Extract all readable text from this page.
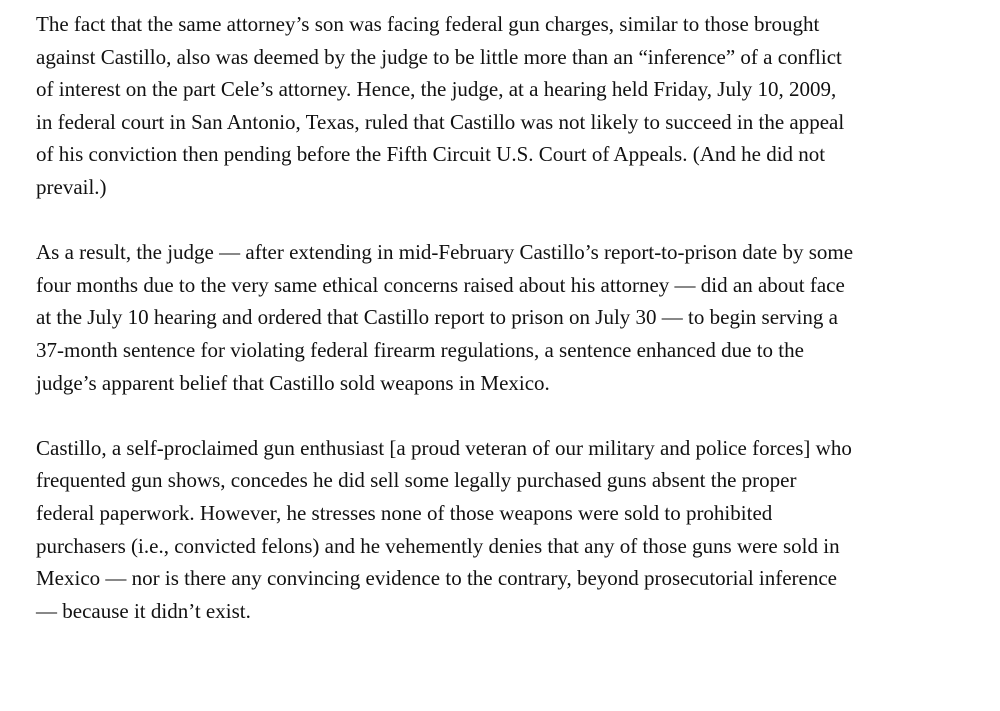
The fact that the same attorney’s son was facing federal gun charges, similar to those brought
against Castillo, also was deemed by the judge to be little more than an “inference” of a conflict
of interest on the part Cele’s attorney. Hence, the judge, at a hearing held Friday, July 10, 2009,
in federal court in San Antonio, Texas, ruled that Castillo was not likely to succeed in the appeal
of his conviction then pending before the Fifth Circuit U.S. Court of Appeals. (And he did not
prevail.)

As a result, the judge — after extending in mid-February Castillo’s report-to-prison date by some
four months due to the very same ethical concerns raised about his attorney — did an about face
at the July 10 hearing and ordered that Castillo report to prison on July 30 — to begin serving a
37-month sentence for violating federal firearm regulations, a sentence enhanced due to the
judge’s apparent belief that Castillo sold weapons in Mexico.

Castillo, a self-proclaimed gun enthusiast [a proud veteran of our military and police forces] who
frequented gun shows, concedes he did sell some legally purchased guns absent the proper
federal paperwork. However, he stresses none of those weapons were sold to prohibited
purchasers (i.e., convicted felons) and he vehemently denies that any of those guns were sold in
Mexico — nor is there any convincing evidence to the contrary, beyond prosecutorial inference
— because it didn’t exist.
